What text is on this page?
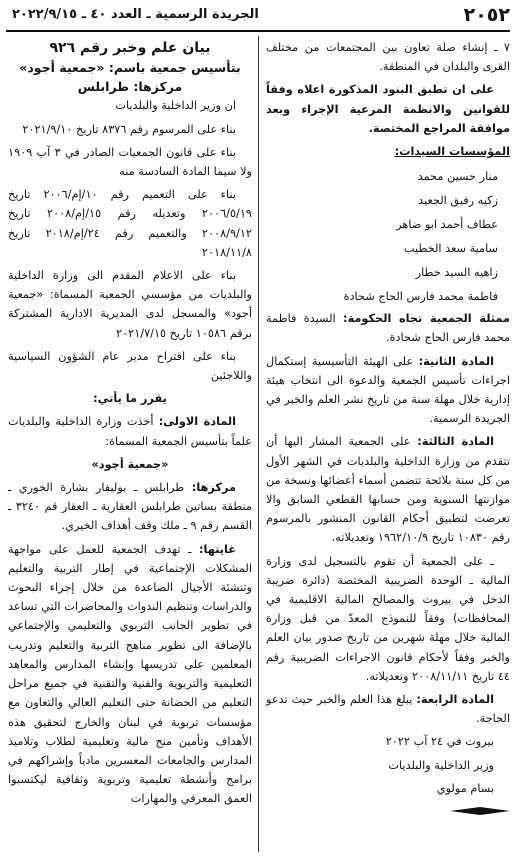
٢٠٥٢
الجريدة الرسمية ـ العدد ٤٠ ـ ٢٠٢٢/٩/١٥

٧ ـ إنشاء صلة تعاون بين المجتمعات من مختلف القرى والبلدان في المنطقة.

على ان تطبق البنود المذكورة اعلاه وفقاً للقوانين والانظمة المرعية الإجراء وبعد موافقة المراجع المختصة.

المؤسسات السيدات:

منار حسين محمد
زكيه رفيق الجعيد
عطاف أحمد ابو ضاهر
سامية سعد الخطيب
زاهيه السيد خطار
فاطمة محمد فارس الحاج شحادة

ممثلة الجمعية تجاه الحكومة: السيدة فاطمة محمد فارس الحاج شحادة.

المادة الثانية: على الهيئة التأسيسية إستكمال اجراءات تأسيس الجمعية والدعوة الى انتخاب هيئة إدارية خلال مهلة سنة من تاريخ نشر العلم والخبر في الجريدة الرسمية.

المادة الثالثة: على الجمعية المشار اليها أن تتقدم من وزارة الداخلية والبلديات في الشهر الأول من كل سنة بلائحة تتضمن أسماء أعضائها ونسخة من موازنتها السنوية ومن حسابها القطعي السابق والا تعرضت لتطبيق أحكام القانون المنشور بالمرسوم رقم ١٠٨٣٠ تاريخ ١٩٦٢/١٠/٩ وتعديلاته.

ـ على الجمعية أن تقوم بالتسجيل لدى وزارة المالية ـ الوحدة الضريبية المختصة (دائرة ضريبة الدخل في بيروت والمصالح المالية الاقليمية في المحافظات) وفقاً للنموذج المعدّ من قبل وزارة المالية خلال مهلة شهرين من تاريخ صدور بيان العلم والخبر وفقاً لأحكام قانون الاجراءات الضريبية رقم ٤٤ تاريخ ٢٠٠٨/١١/١١ وتعديلاته.

المادة الرابعة: يبلغ هذا العلم والخبر حيث تدعو الحاجة.

بيروت في ٢٤ آب ٢٠٢٢

وزير الداخلية والبلديات

بسام مولوي

بيان علم وخبر رقم ٩٢٦
بتأسيس جمعية باسم: «جمعية أجود»
مركزها: طرابلس

ان وزير الداخلية والبلديات

بناء على المرسوم رقم ٨٣٧٦ تاريخ ٢٠٢١/٩/١٠

بناء على قانون الجمعيات الصادر في ٣ آب ١٩٠٩ ولا سيما المادة السادسة منه

بناء على التعميم رقم ١٠/إم/٢٠٠٦ تاريخ ٢٠٠٦/٥/١٩ وتعديله رقم ١٥/إم/٢٠٠٨ تاريخ ٢٠٠٨/٩/١٢ والتعميم رقم ٢٤/إم/٢٠١٨ تاريخ ٢٠١٨/١١/٨

بناء على الاعلام المقدم الى وزارة الداخلية والبلديات من مؤسسي الجمعية المسماة: «جمعية أجود» والمسجل لدى المديرية الادارية المشتركة برقم ١٠٥٨٦ تاريخ ٢٠٢١/٧/١٥

بناء على اقتراح مدير عام الشؤون السياسية واللاجئين

يقرر ما يأتي:

المادة الاولى: أخذت وزارة الداخلية والبلديات علماً بتأسيس الجمعية المسماة:

«جمعية أجود»

مركزها: طرابلس ـ بوليفار بشارة الخوري ـ منطقة بساتين طرابلس العقارية ـ العقار قم ٣٢٤٠ ـ القسم رقم ٩ ـ ملك وقف أهداف الخيري.

غايتها: ـ تهدف الجمعية للعمل على مواجهة المشكلات الإجتماعية في إطار التربية والتعليم وتنشئة الأجيال الصاعدة من خلال إجراء البحوث والدراسات وتنظيم الندوات والمحاضرات التي تساعد في تطوير الجانب التربوي والتعليمي والإجتماعي بالإضافة الى تطوير مناهج التربية والتعليم وتدريب المعلمين على تدريسها وإنشاء المدارس والمعاهد التعليمية والتربوية والفنية والتقنية في جميع مراحل التعليم من الحضانة حتى التعليم العالي والتعاون مع مؤسسات تربوية في لبنان والخارج لتحقيق هذه الأهداف وتأمين منح مالية وتعليمية لطلاب وتلاميذ المدارس والجامعات المعسرين مادياً وإشراكهم في برامج وأنشطة تعليمية وتربوية وثقافية ليكتسبوا العمق المعرفي والمهارات
